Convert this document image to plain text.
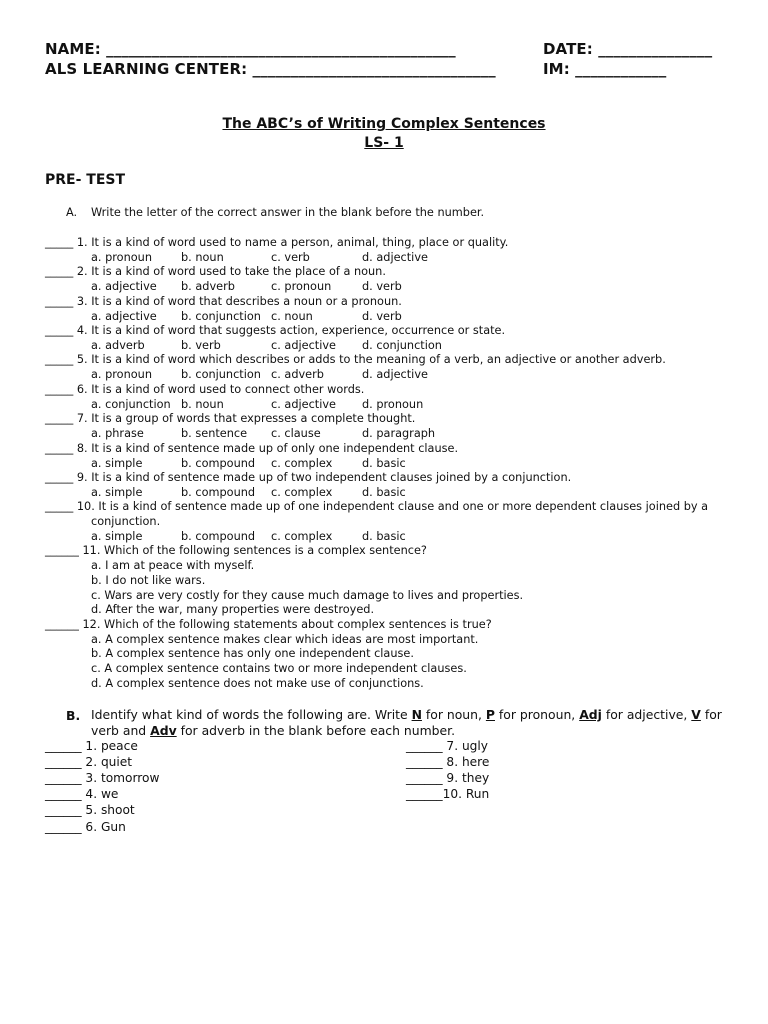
NAME: ______________________________________________	DATE: _______________
ALS LEARNING CENTER: ________________________________	IM: ____________
The ABC’s of Writing Complex Sentences
LS- 1
PRE- TEST
A. Write the letter of the correct answer in the blank before the number.
_____ 1. It is a kind of word used to name a person, animal, thing, place or quality.
a. pronoun	b. noun	c. verb	d. adjective
_____ 2. It is a kind of word used to take the place of a noun.
a. adjective b. adverb	c. pronoun	d. verb
_____ 3. It is a kind of word that describes a noun or a pronoun.
a. adjective b. conjunction c. noun	d. verb
_____ 4. It is a kind of word that suggests action, experience, occurrence or state.
a. adverb	b. verb	c. adjective d. conjunction
_____ 5. It is a kind of word which describes or adds to the meaning of a verb, an adjective or another adverb.
a. pronoun	b. conjunction c. adverb	d. adjective
_____ 6. It is a kind of word used to connect other words.
a. conjunction b. noun	c. adjective d. pronoun
_____ 7. It is a group of words that expresses a complete thought.
a. phrase	b. sentence c. clause	d. paragraph
_____ 8. It is a kind of sentence made up of only one independent clause.
a. simple	b. compound c. complex	d. basic
_____ 9. It is a kind of sentence made up of two independent clauses joined by a conjunction.
a. simple	b. compound c. complex	d. basic
_____ 10. It is a kind of sentence made up of one independent clause and one or more dependent clauses joined by a
conjunction.
a. simple	b. compound c. complex	d. basic
______ 11. Which of the following sentences is a complex sentence?
a. I am at peace with myself.
b. I do not like wars.
c. Wars are very costly for they cause much damage to lives and properties.
d. After the war, many properties were destroyed.
______ 12. Which of the following statements about complex sentences is true?
a. A complex sentence makes clear which ideas are most important.
b. A complex sentence has only one independent clause.
c. A complex sentence contains two or more independent clauses.
d. A complex sentence does not make use of conjunctions.
B. Identify what kind of words the following are. Write N for noun, P for pronoun, Adj for adjective, V for verb and Adv for adverb in the blank before each number.
______ 1. peace
______ 2. quiet
______ 3. tomorrow
______ 4. we
______ 5. shoot
______ 6. Gun
______ 7. ugly
______ 8. here
______ 9. they
______10. Run
